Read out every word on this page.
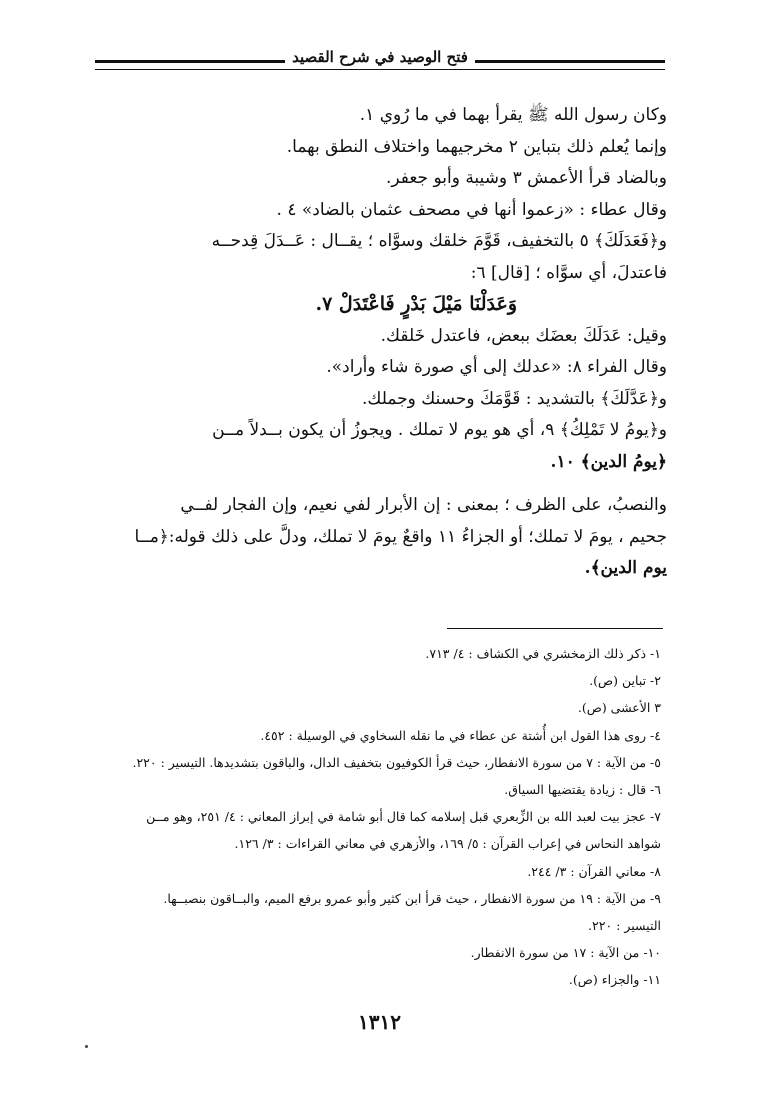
فتح الوصيد في شرح القصيد
وكان رسول الله ﷺ يقرأ بهما في ما رُوي ١.
وإنما يُعلم ذلك بتباين ٢ مخرجيهما واختلاف النطق بهما.
وبالضاد قرأ الأعمش ٣ وشيبة وأبو جعفر.
وقال عطاء : «زعموا أنها في مصحف عثمان بالضاد» ٤ .
و﴿فَعَدَلَكَ﴾ ٥ بالتخفيف، قَوَّمَ خلقك وسوَّاه ؛ يقــال : عَــدَلَ قِدحــه
فاعتدلَ، أي سوَّاه ؛ [قال] ٦:
وَعَدَلْنَا مَيْلَ بَدْرٍ فَاعْتَدَلْ ٧.
وقيل: عَدَلَكَ بعضَك ببعض، فاعتدل خَلقك.
وقال الفراء ٨: «عدلك إلى أي صورة شاء وأراد».
و﴿عَدَّلَكَ﴾ بالتشديد : قَوَّمَكَ وحسنك وجملك.
و﴿يومُ لا تَمْلِكُ﴾ ٩، أي هو يوم لا تملك . ويجوزُ أن يكون بــدلاً مــن
﴿يومُ الدين﴾ ١٠.
والنصبُ، على الظرف ؛ بمعنى : إن الأبرار لفي نعيم، وإن الفجار لفــي
جحيم ، يومَ لا تملك؛ أو الجزاءُ ١١ واقعٌ يومَ لا تملك، ودلَّ على ذلك قوله:﴿مــا
يوم الدين﴾.
١- ذكر ذلك الزمخشري في الكشاف : ٤/ ٧١٣.
٢- تباين (ص).
٣ الأعشى (ص).
٤- روى هذا القول ابن أُشتة عن عطاء في ما نقله السخاوي في الوسيلة : ٤٥٢.
٥- من الآية : ٧ من سورة الانفطار، حيث قرأ الكوفيون بتخفيف الدال، والباقون بتشديدها. التيسير : ٢٢٠.
٦- قال : زيادة يقتضيها السياق.
٧- عجز بيت لعبد الله بن الزِّبعري قبل إسلامه كما قال أبو شامة في إبراز المعاني : ٤/ ٢٥١، وهو مــن
شواهد النحاس في إعراب القرآن : ٥/ ١٦٩، والأزهري في معاني القراءات : ٣/ ١٢٦.
٨- معاني القرآن : ٣/ ٢٤٤.
٩- من الآية : ١٩ من سورة الانفطار ، حيث قرأ ابن كثير وأبو عمرو برفع الميم، والبــاقون بنصبــها.
التيسير : ٢٢٠.
١٠- من الآية : ١٧ من سورة الانفطار.
١١- والجزاء (ص).
١٣١٢
